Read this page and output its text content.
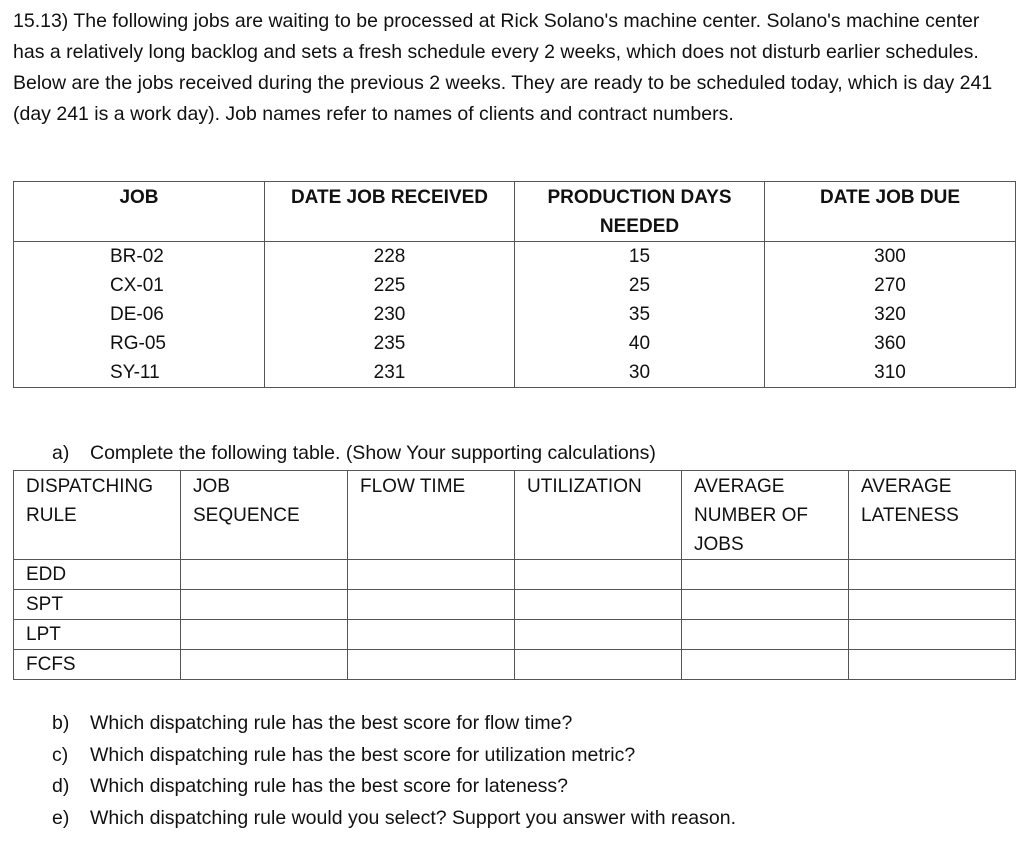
15.13) The following jobs are waiting to be processed at Rick Solano's machine center. Solano's machine center has a relatively long backlog and sets a fresh schedule every 2 weeks, which does not disturb earlier schedules. Below are the jobs received during the previous 2 weeks. They are ready to be scheduled today, which is day 241 (day 241 is a work day). Job names refer to names of clients and contract numbers.

JOB	DATE JOB RECEIVED	PRODUCTION DAYS NEEDED	DATE JOB DUE
BR-02	228	15	300
CX-01	225	25	270
DE-06	230	35	320
RG-05	235	40	360
SY-11	231	30	310

a) Complete the following table. (Show Your supporting calculations)

DISPATCHING RULE	JOB SEQUENCE	FLOW TIME	UTILIZATION	AVERAGE NUMBER OF JOBS	AVERAGE LATENESS
EDD					
SPT					
LPT					
FCFS					
b) Which dispatching rule has the best score for flow time?
c) Which dispatching rule has the best score for utilization metric?
d) Which dispatching rule has the best score for lateness?
e) Which dispatching rule would you select? Support you answer with reason.
